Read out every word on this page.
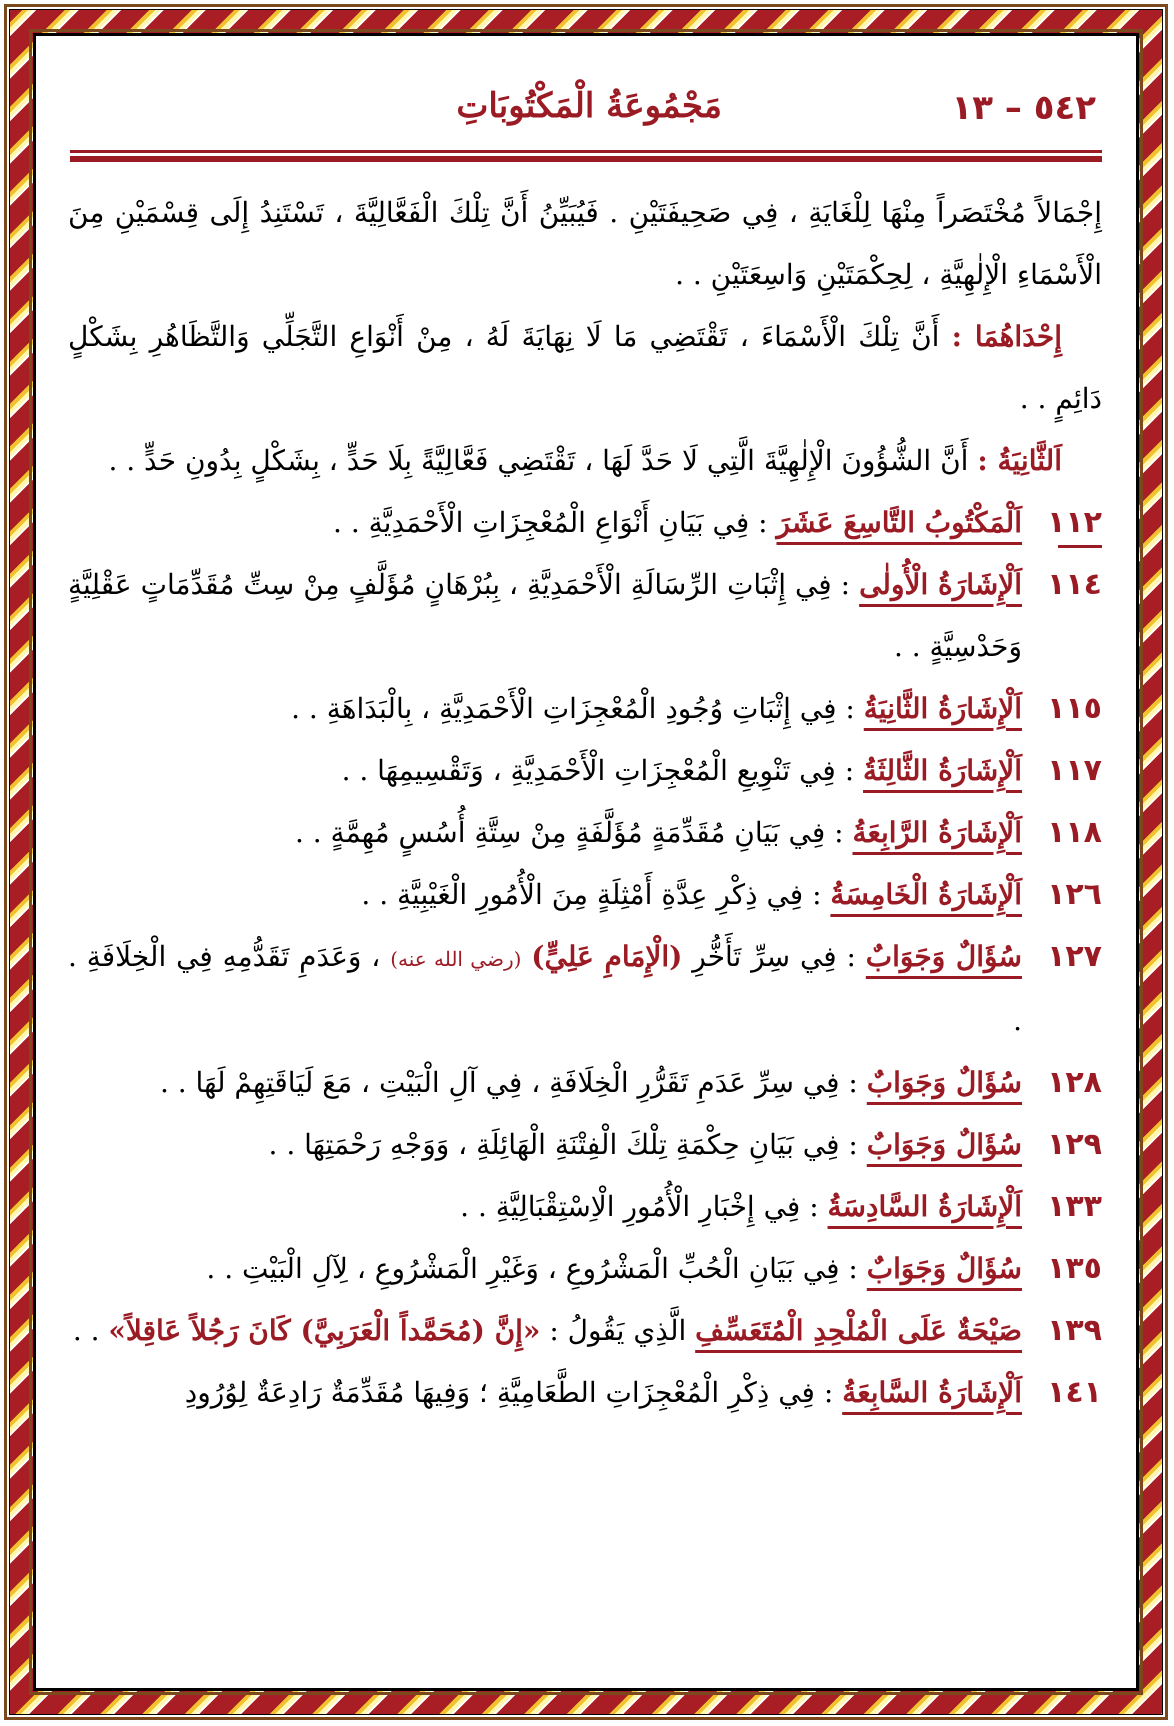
٥٤٢ – ١٣
مَجْمُوعَةُ الْمَكْتُوبَاتِ

إِجْمَالاً مُخْتَصَراً مِنْهَا لِلْغَايَةِ ، فِي صَحِيفَتَيْنِ . فَيُبَيِّنُ أَنَّ تِلْكَ الْفَعَّالِيَّةَ ، تَسْتَنِدُ إِلَى قِسْمَيْنِ مِنَ الْأَسْمَاءِ الْإِلٰهِيَّةِ ، لِحِكْمَتَيْنِ وَاسِعَتَيْنِ . .

إِحْدَاهُمَا : أَنَّ تِلْكَ الْأَسْمَاءَ ، تَقْتَضِي مَا لَا نِهَايَةَ لَهُ ، مِنْ أَنْوَاعِ التَّجَلِّي وَالتَّظَاهُرِ بِشَكْلٍ دَائِمٍ . .

اَلثَّانِيَةُ : أَنَّ الشُّؤُونَ الْإِلٰهِيَّةَ الَّتِي لَا حَدَّ لَهَا ، تَقْتَضِي فَعَّالِيَّةً بِلَا حَدٍّ ، بِشَكْلٍ بِدُونِ حَدٍّ . .

١١٢
اَلْمَكْتُوبُ التَّاسِعَ عَشَرَ : فِي بَيَانِ أَنْوَاعِ الْمُعْجِزَاتِ الْأَحْمَدِيَّةِ . .
١١٤
اَلْإِشَارَةُ الْأُولٰى : فِي إِثْبَاتِ الرِّسَالَةِ الْأَحْمَدِيَّةِ ، بِبُرْهَانٍ مُؤَلَّفٍ مِنْ سِتِّ مُقَدِّمَاتٍ عَقْلِيَّةٍ وَحَدْسِيَّةٍ . .
١١٥
اَلْإِشَارَةُ الثَّانِيَةُ : فِي إِثْبَاتِ وُجُودِ الْمُعْجِزَاتِ الْأَحْمَدِيَّةِ ، بِالْبَدَاهَةِ . .
١١٧
اَلْإِشَارَةُ الثَّالِثَةُ : فِي تَنْوِيعِ الْمُعْجِزَاتِ الْأَحْمَدِيَّةِ ، وَتَقْسِيمِهَا . .
١١٨
اَلْإِشَارَةُ الرَّابِعَةُ : فِي بَيَانِ مُقَدِّمَةٍ مُؤَلَّفَةٍ مِنْ سِتَّةِ أُسُسٍ مُهِمَّةٍ . .
١٢٦
اَلْإِشَارَةُ الْخَامِسَةُ : فِي ذِكْرِ عِدَّةِ أَمْثِلَةٍ مِنَ الْأُمُورِ الْغَيْبِيَّةِ . .
١٢٧
سُؤَالٌ وَجَوَابٌ : فِي سِرِّ تَأَخُّرِ (الْإِمَامِ عَلِيٍّ) (رضي الله عنه) ، وَعَدَمِ تَقَدُّمِهِ فِي الْخِلَافَةِ . .
١٢٨
سُؤَالٌ وَجَوَابٌ : فِي سِرِّ عَدَمِ تَقَرُّرِ الْخِلَافَةِ ، فِي آلِ الْبَيْتِ ، مَعَ لَيَاقَتِهِمْ لَهَا . .
١٢٩
سُؤَالٌ وَجَوَابٌ : فِي بَيَانِ حِكْمَةِ تِلْكَ الْفِتْنَةِ الْهَائِلَةِ ، وَوَجْهِ رَحْمَتِهَا . .
١٣٣
اَلْإِشَارَةُ السَّادِسَةُ : فِي إِخْبَارِ الْأُمُورِ الْاِسْتِقْبَالِيَّةِ . .
١٣٥
سُؤَالٌ وَجَوَابٌ : فِي بَيَانِ الْحُبِّ الْمَشْرُوعِ ، وَغَيْرِ الْمَشْرُوعِ ، لِآلِ الْبَيْتِ . .
١٣٩
صَيْحَةٌ عَلَى الْمُلْحِدِ الْمُتَعَسِّفِ الَّذِي يَقُولُ : «إِنَّ (مُحَمَّداً الْعَرَبِيَّ) كَانَ رَجُلاً عَاقِلاً» . .
١٤١
اَلْإِشَارَةُ السَّابِعَةُ : فِي ذِكْرِ الْمُعْجِزَاتِ الطَّعَامِيَّةِ ؛ وَفِيهَا مُقَدِّمَةٌ رَادِعَةٌ لِوُرُودِ
